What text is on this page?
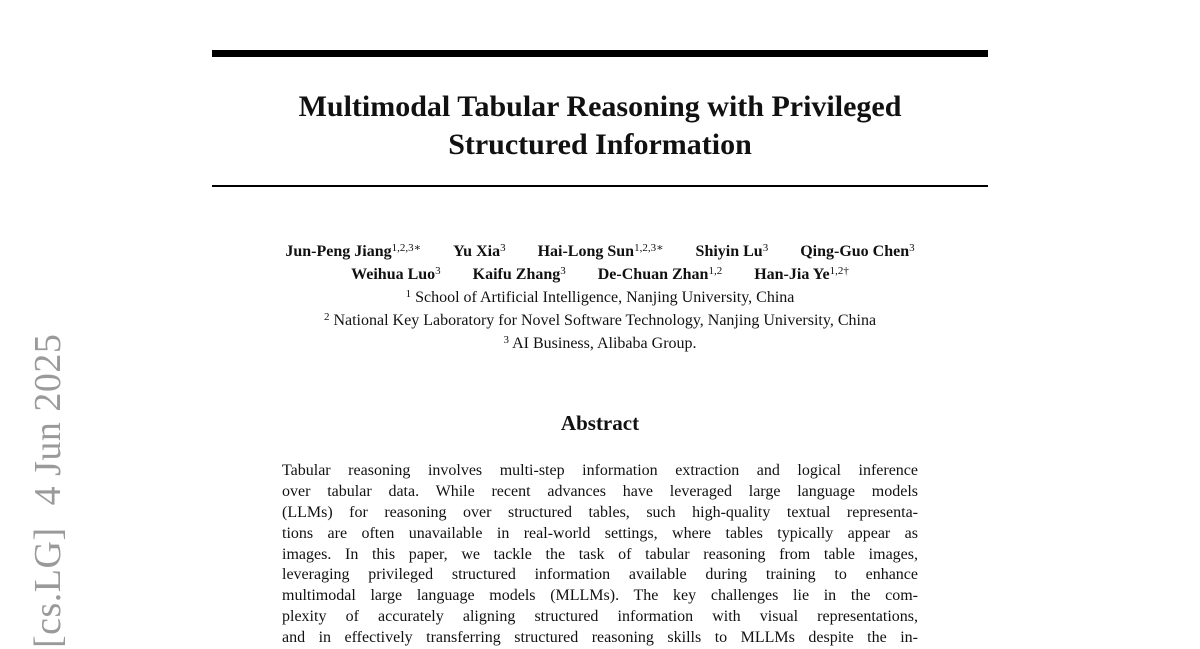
[cs.LG]4 Jun 2025
Multimodal Tabular Reasoning with Privileged
Structured Information
Jun-Peng Jiang$^{1,2,3∗}$ Yu Xia$^3$ Hai-Long Sun$^{1,2,3∗}$ Shiyin Lu$^3$ Qing-Guo Chen$^3$
Weihua Luo$^3$ Kaifu Zhang$^3$ De-Chuan Zhan$^{1,2}$ Han-Jia $Ye^{1,2\dagger}$
$^1$ School of Artificial Intelligence, Nanjing University, China
$^2$ National Key Laboratory for Novel Software Technology, Nanjing University, China
$^3$ AI Business, Alibaba Group.
Abstract
Tabular reasoning involves multi-step information extraction and logical inference
over tabular data. While recent advances have leveraged large language models
(LLMs) for reasoning over structured tables, such high-quality textual representa-
tions are often unavailable in real-world settings, where tables typically appear as
images. In this paper, we tackle the task of tabular reasoning from table images,
leveraging privileged structured information available during training to enhance
multimodal large language models (MLLMs). The key challenges lie in the com-
plexity of accurately aligning structured information with visual representations,
and in effectively transferring structured reasoning skills to MLLMs despite the in-
